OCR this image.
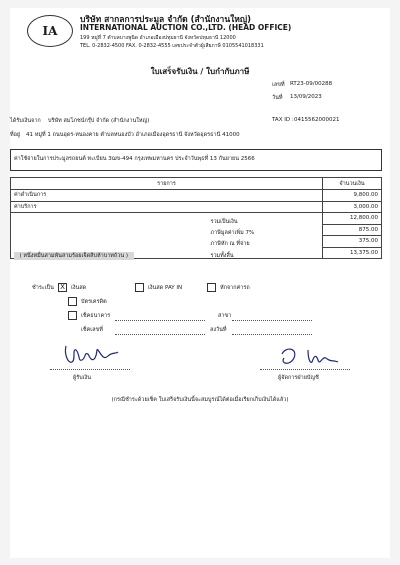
IA
บริษัท สากลการประมูล จำกัด (สำนักงานใหญ่)
INTERNATIONAL AUCTION CO.,LTD. (HEAD OFFICE)
199 หมู่ที่ 7 ตำบลบางพูนิด อำเภอเมืองปทุมธานี จังหวัดปทุมธานี 12000
TEL. 0-2832-4500 FAX. 0-2832-4555 เลขประจำตัวผู้เสียภาษี 0105541018331
ใบเสร็จรับเงิน / ใบกำกับภาษี
เลขที่ RT23-09/00288
วันที่ 13/09/2023
ได้รับเงินจาก บริษัท สมโภชน์กรุ๊ป จำกัด (สำนักงานใหญ่)	TAX ID : 0415562000021
ที่อยู่ 41 หมู่ที่ 1 ถนนอุดร-หนองคาย ตำบลหนองบัว อำเภอเมืองอุดรธานี จังหวัดอุดรธานี 41000
ค่าใช้จ่ายในการประมูลรถยนต์ ทะเบียน 3ฌข-494 กรุงเทพมหานคร ประจำวันพุธที่ 13 กันยายน 2566
รายการ	จำนวนเงิน
ค่าดำเนินการ	9,800.00
ค่าบริการ	3,000.00

รวมเป็นเงิน	12,800.00

ภาษีมูลค่าเพิ่ม 7%	875.00

ภาษีหัก ณ ที่จ่าย	375.00

( หนึ่งหมื่นสามพันสามร้อยเจ็ดสิบห้าบาทถ้วน ) รวมทั้งสิ้น	13,375.00
ชำระเป็น X	เงินสด	เงินสด PAY IN	หักจากค่ารถ
บัตรเครดิต
เช็คธนาคาร	สาขา
เช็คเลขที่	ลงวันที่
ผู้รับเงิน	ผู้จัดการฝ่ายบัญชี
(กรณีชำระด้วยเช็ค ใบเสร็จรับเงินนี้จะสมบูรณ์ได้ต่อเมื่อเรียกเก็บเงินได้แล้ว)
